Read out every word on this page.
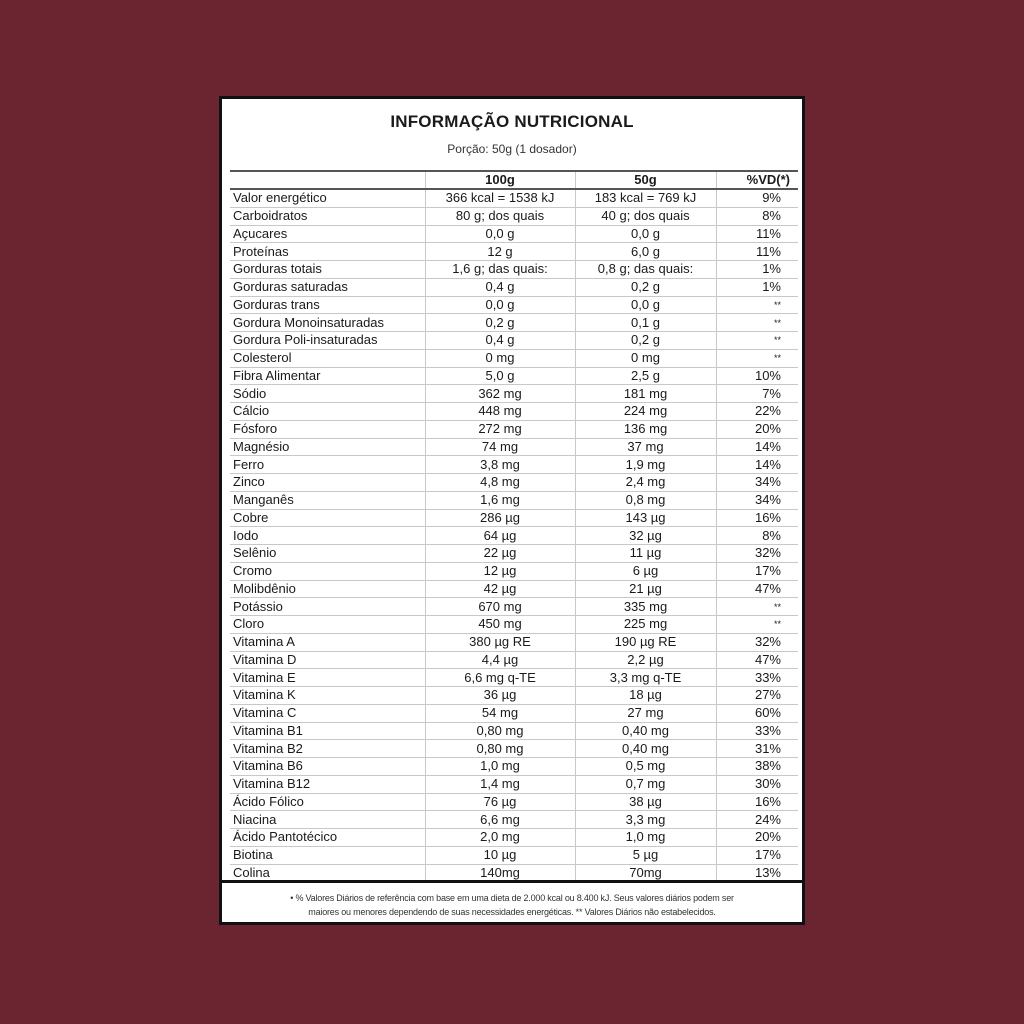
INFORMAÇÃO NUTRICIONAL
Porção: 50g (1 dosador)
	100g	50g	%VD(*)
Valor energético	366 kcal = 1538 kJ	183 kcal = 769 kJ	9%
Carboidratos	80 g; dos quais	40 g; dos quais	8%
Açucares	0,0 g	0,0 g	11%
Proteínas	12 g	6,0 g	11%
Gorduras totais	1,6 g; das quais:	0,8 g; das quais:	1%
Gorduras saturadas	0,4 g	0,2 g	1%
Gorduras trans	0,0 g	0,0 g	**
Gordura Monoinsaturadas	0,2 g	0,1 g	**
Gordura Poli-insaturadas	0,4 g	0,2 g	**
Colesterol	0 mg	0 mg	**
Fibra Alimentar	5,0 g	2,5 g	10%
Sódio	362 mg	181 mg	7%
Cálcio	448 mg	224 mg	22%
Fósforo	272 mg	136 mg	20%
Magnésio	74 mg	37 mg	14%
Ferro	3,8 mg	1,9 mg	14%
Zinco	4,8 mg	2,4 mg	34%
Manganês	1,6 mg	0,8 mg	34%
Cobre	286 µg	143 µg	16%
Iodo	64 µg	32 µg	8%
Selênio	22 µg	11 µg	32%
Cromo	12 µg	6 µg	17%
Molibdênio	42 µg	21 µg	47%
Potássio	670 mg	335 mg	**
Cloro	450 mg	225 mg	**
Vitamina A	380 µg RE	190 µg RE	32%
Vitamina D	4,4 µg	2,2 µg	47%
Vitamina E	6,6 mg q-TE	3,3 mg q-TE	33%
Vitamina K	36 µg	18 µg	27%
Vitamina C	54 mg	27 mg	60%
Vitamina B1	0,80 mg	0,40 mg	33%
Vitamina B2	0,80 mg	0,40 mg	31%
Vitamina B6	1,0 mg	0,5 mg	38%
Vitamina B12	1,4 mg	0,7 mg	30%
Ácido Fólico	76 µg	38 µg	16%
Niacina	6,6 mg	3,3 mg	24%
Ácido Pantotécico	2,0 mg	1,0 mg	20%
Biotina	10 µg	5 µg	17%
Colina	140mg	70mg	13%
• % Valores Diários de referência com base em uma dieta de 2.000 kcal ou 8.400 kJ. Seus valores diários podem ser
maiores ou menores dependendo de suas necessidades energéticas. ** Valores Diários não estabelecidos.
